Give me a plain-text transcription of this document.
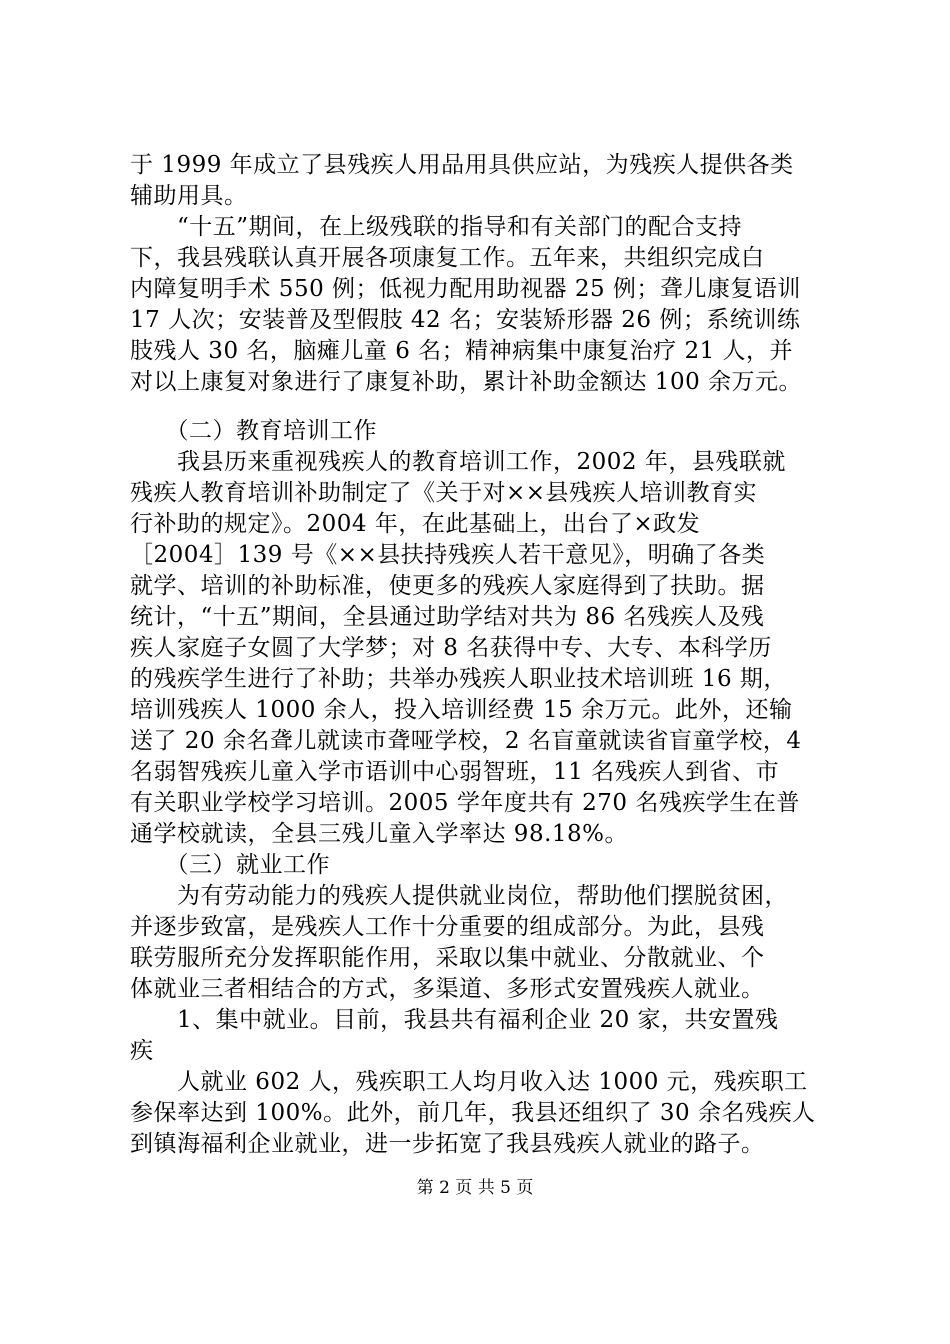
于 1999 年成立了县残疾人用品用具供应站，为残疾人提供各类
辅助用具。
　　“十五”期间，在上级残联的指导和有关部门的配合支持
下，我县残联认真开展各项康复工作。五年来，共组织完成白
内障复明手术 550 例；低视力配用助视器 25 例；聋儿康复语训
17 人次；安装普及型假肢 42 名；安装矫形器 26 例；系统训练
肢残人 30 名，脑瘫儿童 6 名；精神病集中康复治疗 21 人，并
对以上康复对象进行了康复补助，累计补助金额达 100 余万元。
　　（二）教育培训工作
　　我县历来重视残疾人的教育培训工作，2002 年，县残联就
残疾人教育培训补助制定了《关于对××县残疾人培训教育实
行补助的规定》。2004 年，在此基础上，出台了×政发
［2004］139 号《××县扶持残疾人若干意见》，明确了各类
就学、培训的补助标准，使更多的残疾人家庭得到了扶助。据
统计，“十五”期间，全县通过助学结对共为 86 名残疾人及残
疾人家庭子女圆了大学梦；对 8 名获得中专、大专、本科学历
的残疾学生进行了补助；共举办残疾人职业技术培训班 16 期，
培训残疾人 1000 余人，投入培训经费 15 余万元。此外，还输
送了 20 余名聋儿就读市聋哑学校，2 名盲童就读省盲童学校，4
名弱智残疾儿童入学市语训中心弱智班，11 名残疾人到省、市
有关职业学校学习培训。2005 学年度共有 270 名残疾学生在普
通学校就读，全县三残儿童入学率达 98.18%。
　　（三）就业工作
　　为有劳动能力的残疾人提供就业岗位，帮助他们摆脱贫困，
并逐步致富，是残疾人工作十分重要的组成部分。为此，县残
联劳服所充分发挥职能作用，采取以集中就业、分散就业、个
体就业三者相结合的方式，多渠道、多形式安置残疾人就业。
　　1、集中就业。目前，我县共有福利企业 20 家，共安置残
疾
　　人就业 602 人，残疾职工人均月收入达 1000 元，残疾职工
参保率达到 100%。此外，前几年，我县还组织了 30 余名残疾人
到镇海福利企业就业，进一步拓宽了我县残疾人就业的路子。
第 2 页 共 5 页
